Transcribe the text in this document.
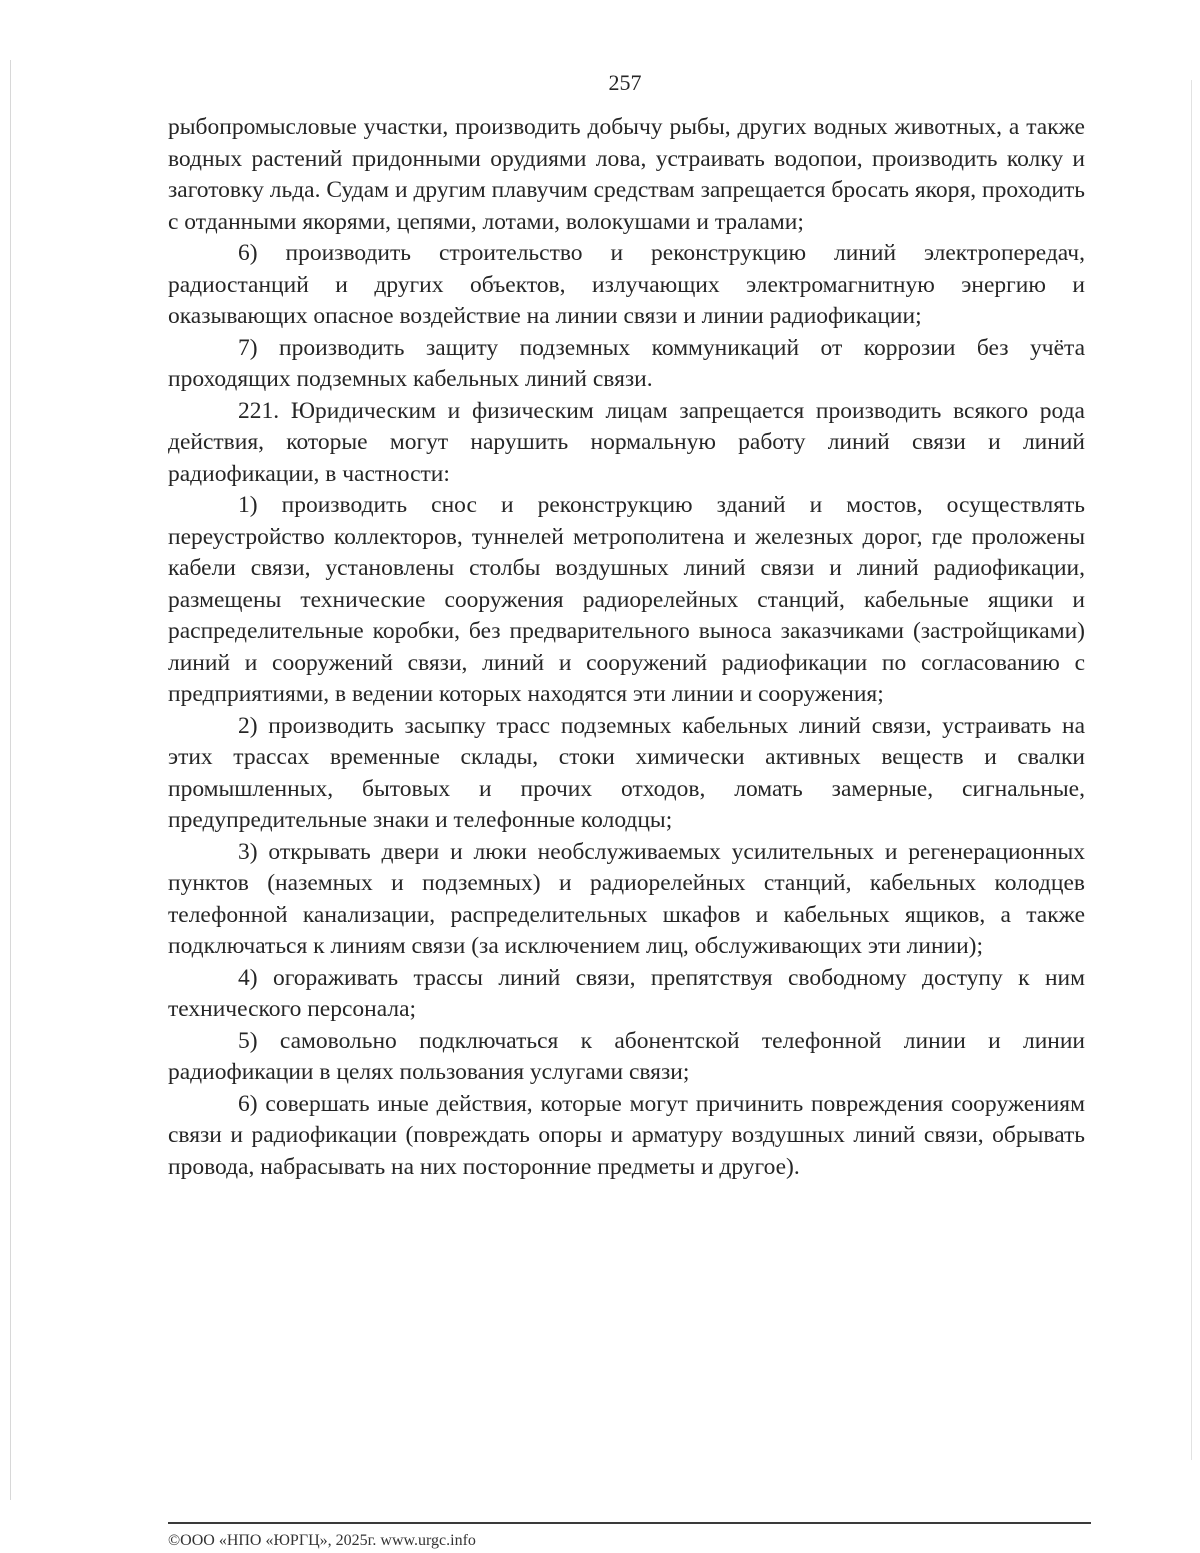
257

рыбопромысловые участки, производить добычу рыбы, других водных животных, а также водных растений придонными орудиями лова, устраивать водопои, производить колку и заготовку льда. Судам и другим плавучим средствам запрещается бросать якоря, проходить с отданными якорями, цепями, лотами, волокушами и тралами;

6) производить строительство и реконструкцию линий электропередач, радиостанций и других объектов, излучающих электромагнитную энергию и оказывающих опасное воздействие на линии связи и линии радиофикации;

7) производить защиту подземных коммуникаций от коррозии без учёта проходящих подземных кабельных линий связи.

221. Юридическим и физическим лицам запрещается производить всякого рода действия, которые могут нарушить нормальную работу линий связи и линий радиофикации, в частности:

1) производить снос и реконструкцию зданий и мостов, осуществлять переустройство коллекторов, туннелей метрополитена и железных дорог, где проложены кабели связи, установлены столбы воздушных линий связи и линий радиофикации, размещены технические сооружения радиорелейных станций, кабельные ящики и распределительные коробки, без предварительного выноса заказчиками (застройщиками) линий и сооружений связи, линий и сооружений радиофикации по согласованию с предприятиями, в ведении которых находятся эти линии и сооружения;

2) производить засыпку трасс подземных кабельных линий связи, устраивать на этих трассах временные склады, стоки химически активных веществ и свалки промышленных, бытовых и прочих отходов, ломать замерные, сигнальные, предупредительные знаки и телефонные колодцы;

3) открывать двери и люки необслуживаемых усилительных и регенерационных пунктов (наземных и подземных) и радиорелейных станций, кабельных колодцев телефонной канализации, распределительных шкафов и кабельных ящиков, а также подключаться к линиям связи (за исключением лиц, обслуживающих эти линии);

4) огораживать трассы линий связи, препятствуя свободному доступу к ним технического персонала;

5) самовольно подключаться к абонентской телефонной линии и линии радиофикации в целях пользования услугами связи;

6) совершать иные действия, которые могут причинить повреждения сооружениям связи и радиофикации (повреждать опоры и арматуру воздушных линий связи, обрывать провода, набрасывать на них посторонние предметы и другое).

©ООО «НПО «ЮРГЦ», 2025г. www.urgc.info
